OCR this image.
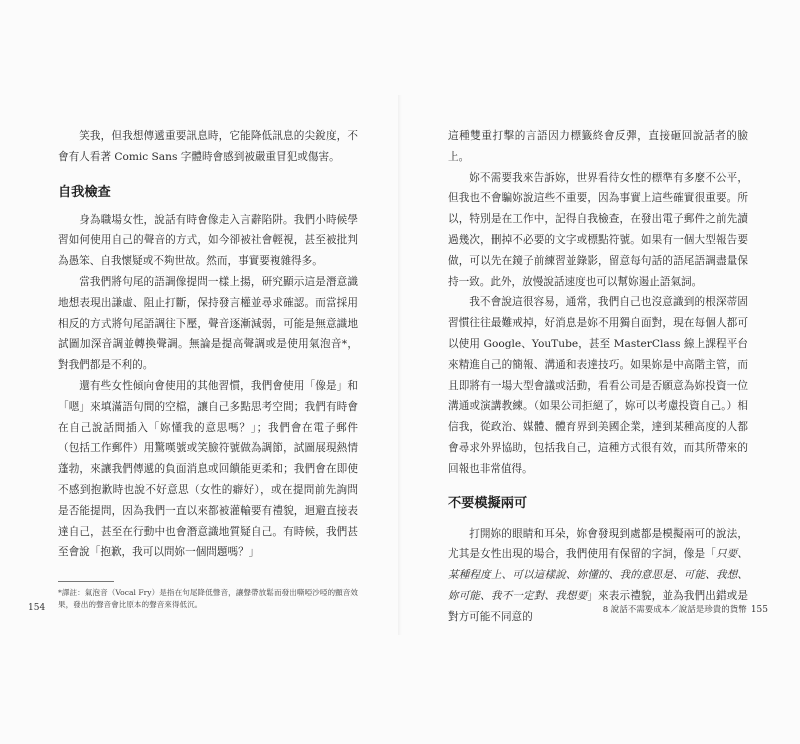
笑我，但我想傳遞重要訊息時，它能降低訊息的尖銳度，不會有人看著 Comic Sans 字體時會感到被嚴重冒犯或傷害。

自我檢查

身為職場女性，說話有時會像走入言辭陷阱。我們小時候學習如何使用自己的聲音的方式，如今卻被社會輕視，甚至被批判為愚笨、自我懷疑或不夠世故。然而，事實要複雜得多。

當我們將句尾的語調像提問一樣上揚，研究顯示這是潛意識地想表現出謙虛、阻止打斷，保持發言權並尋求確認。而當採用相反的方式將句尾語調往下壓，聲音逐漸減弱，可能是無意識地試圖加深音調並轉換聲調。無論是提高聲調或是使用氣泡音*，對我們都是不利的。

還有些女性傾向會使用的其他習慣，我們會使用「像是」和「嗯」來填滿語句間的空檔，讓自己多點思考空間；我們有時會在自己說話間插入「妳懂我的意思嗎？」；我們會在電子郵件（包括工作郵件）用驚嘆號或笑臉符號做為調節，試圖展現熱情蓬勃，來讓我們傳遞的負面消息或回饋能更柔和；我們會在即使不感到抱歉時也說不好意思（女性的癖好），或在提問前先詢問是否能提問，因為我們一直以來都被灌輸要有禮貌，迴避直接表達自己，甚至在行動中也會潛意識地質疑自己。有時候，我們甚至會說「抱歉，我可以問妳一個問題嗎？」

*譯註：氣泡音（Vocal Fry）是指在句尾降低聲音，讓聲帶放鬆而發出嘶啞沙啞的顫音效果，發出的聲音會比原本的聲音來得低沉。

這種雙重打擊的言語因力標籤終會反彈，直接砸回說話者的臉上。

妳不需要我來告訴妳，世界看待女性的標準有多麼不公平，但我也不會騙妳說這些不重要，因為事實上這些確實很重要。所以，特別是在工作中，記得自我檢查，在發出電子郵件之前先讀過幾次，刪掉不必要的文字或標點符號。如果有一個大型報告要做，可以先在鏡子前練習並錄影，留意每句話的語尾語調盡量保持一致。此外，放慢說話速度也可以幫妳遏止語氣詞。

我不會說這很容易，通常，我們自己也沒意識到的根深蒂固習慣往往最難戒掉，好消息是妳不用獨自面對，現在每個人都可以使用 Google、YouTube，甚至 MasterClass 線上課程平台來精進自己的簡報、溝通和表達技巧。如果妳是中高階主管，而且即將有一場大型會議或活動，看看公司是否願意為妳投資一位溝通或演講教練。（如果公司拒絕了，妳可以考慮投資自己。）相信我，從政治、媒體、體育界到美國企業，達到某種高度的人都會尋求外界協助，包括我自己，這種方式很有效，而其所帶來的回報也非常值得。

不要模擬兩可

打開妳的眼睛和耳朵，妳會發現到處都是模擬兩可的說法，尤其是女性出現的場合，我們使用有保留的字詞，像是「只要、某種程度上、可以這樣說、妳懂的、我的意思是、可能、我想、妳可能、我不一定對、我想要」來表示禮貌，並為我們出錯或是對方可能不同意的

154	8 說話不需要成本／說話是珍貴的貨幣 155
